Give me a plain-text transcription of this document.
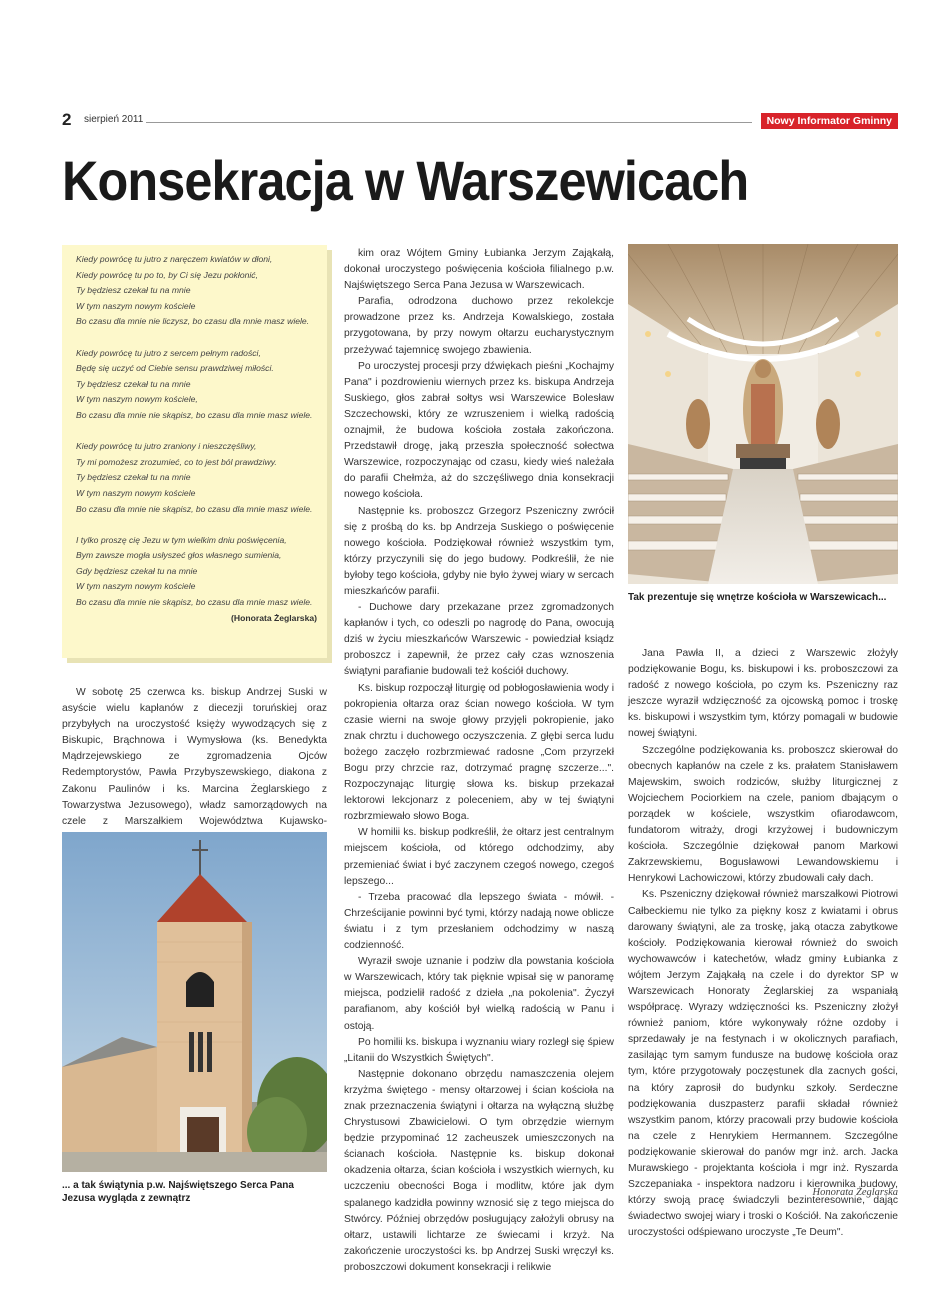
2 sierpień 2011	Nowy Informator Gminny
Konsekracja w Warszewicach
Kiedy powrócę tu jutro z naręczem kwiatów w dłoni,
Kiedy powrócę tu po to, by Ci się Jezu pokłonić,
Ty będziesz czekał tu na mnie
W tym naszym nowym kościele
Bo czasu dla mnie nie liczysz, bo czasu dla mnie masz wiele.
Kiedy powrócę tu jutro z sercem pełnym radości,
Będę się uczyć od Ciebie sensu prawdziwej miłości.
Ty będziesz czekał tu na mnie
W tym naszym nowym kościele,
Bo czasu dla mnie nie skąpisz, bo czasu dla mnie masz wiele.
Kiedy powrócę tu jutro zraniony i nieszczęśliwy,
Ty mi pomożesz zrozumieć, co to jest ból prawdziwy.
Ty będziesz czekał tu na mnie
W tym naszym nowym kościele
Bo czasu dla mnie nie skąpisz, bo czasu dla mnie masz wiele.
I tylko proszę cię Jezu w tym wielkim dniu poświęcenia,
Bym zawsze mogła usłyszeć głos własnego sumienia,
Gdy będziesz czekał tu na mnie
W tym naszym nowym kościele
Bo czasu dla mnie nie skąpisz, bo czasu dla mnie masz wiele.
(Honorata Żeglarska)

W sobotę 25 czerwca ks. biskup Andrzej Suski w asyście wielu kapłanów z diecezji toruńskiej oraz przybyłych na uroczystość księży wywodzących się z Biskupic, Brąchnowa i Wymysłowa (ks. Benedykta Mądrzejewskiego ze zgromadzenia Ojców Redemptorystów, Pawła Przybyszewskiego, diakona z Zakonu Paulinów i ks. Marcina Żeglarskiego z Towarzystwa Jezusowego), władz samorządowych na czele z Marszałkiem Województwa Kujawsko-

kim oraz Wójtem Gminy Łubianka Jerzym Zająkałą, dokonał uroczystego poświęcenia kościoła filialnego p.w. Najświętszego Serca Pana Jezusa w Warszewicach.

Parafia, odrodzona duchowo przez rekolekcje prowadzone przez ks. Andrzeja Kowalskiego, została przygotowana, by przy nowym ołtarzu eucharystycznym przeżywać tajemnicę swojego zbawienia.

Po uroczystej procesji przy dźwiękach pieśni „Kochajmy Pana" i pozdrowieniu wiernych przez ks. biskupa Andrzeja Suskiego, głos zabrał sołtys wsi Warszewice Bolesław Szczechowski, który ze wzruszeniem i wielką radością oznajmił, że budowa kościoła została zakończona. Przedstawił drogę, jaką przeszła społeczność sołectwa Warszewice, rozpoczynając od czasu, kiedy wieś należała do parafii Chełmża, aż do szczęśliwego dnia konsekracji nowego kościoła.

Następnie ks. proboszcz Grzegorz Pszeniczny zwrócił się z prośbą do ks. bp Andrzeja Suskiego o poświęcenie nowego kościoła. Podziękował również wszystkim tym, którzy przyczynili się do jego budowy. Podkreślił, że nie byłoby tego kościoła, gdyby nie było żywej wiary w sercach mieszkańców parafii.

- Duchowe dary przekazane przez zgromadzonych kapłanów i tych, co odeszli po nagrodę do Pana, owocują dziś w życiu mieszkańców Warszewic - powiedział ksiądz proboszcz i zapewnił, że przez cały czas wznoszenia świątyni parafianie budowali też kościół duchowy.

Ks. biskup rozpoczął liturgię od pobłogosławienia wody i pokropienia ołtarza oraz ścian nowego kościoła. W tym czasie wierni na swoje głowy przyjęli pokropienie, jako znak chrztu i duchowego oczyszczenia. Z głębi serca ludu bożego zaczęło rozbrzmiewać radosne „Com przyrzekł Bogu przy chrzcie raz, dotrzymać pragnę szczerze...". Rozpoczynając liturgię słowa ks. biskup przekazał lektorowi lekcjonarz z poleceniem, aby w tej świątyni rozbrzmiewało słowo Boga.

W homilii ks. biskup podkreślił, że ołtarz jest centralnym miejscem kościoła, od którego odchodzimy, aby przemieniać świat i być zaczynem czegoś nowego, czegoś lepszego...

- Trzeba pracować dla lepszego świata - mówił. - Chrześcijanie powinni być tymi, którzy nadają nowe oblicze światu i z tym przesłaniem odchodzimy w naszą codzienność.

Wyraził swoje uznanie i podziw dla powstania kościoła w Warszewicach, który tak pięknie wpisał się w panoramę miejsca, podzielił radość z dzieła „na pokolenia". Życzył parafianom, aby kościół był wielką radością w Panu i ostoją.

Po homilii ks. biskupa i wyznaniu wiary rozległ się śpiew „Litanii do Wszystkich Świętych".

Następnie dokonano obrzędu namaszczenia olejem krzyżma świętego - mensy ołtarzowej i ścian kościoła na znak przeznaczenia świątyni i ołtarza na wyłączną służbę Chrystusowi Zbawicielowi. O tym obrzędzie wiernym będzie przypominać 12 zacheuszek umieszczonych na ścianach kościoła. Następnie ks. biskup dokonał okadzenia ołtarza, ścian kościoła i wszystkich wiernych, ku uczczeniu obecności Boga i modlitw, które jak dym spalanego kadzidła powinny wznosić się z tego miejsca do Stwórcy. Później obrzędów posługujący założyli obrusy na ołtarz, ustawili lichtarze ze świecami i krzyż. Na zakończenie uroczystości ks. bp Andrzej Suski wręczył ks. proboszczowi dokument konsekracji i relikwie

Jana Pawła II, a dzieci z Warszewic złożyły podziękowanie Bogu, ks. biskupowi i ks. proboszczowi za radość z nowego kościoła, po czym ks. Pszeniczny raz jeszcze wyraził wdzięczność za ojcowską pomoc i troskę ks. biskupowi i wszystkim tym, którzy pomagali w budowie nowej świątyni.

Szczególne podziękowania ks. proboszcz skierował do obecnych kapłanów na czele z ks. prałatem Stanisławem Majewskim, swoich rodziców, służby liturgicznej z Wojciechem Pociorkiem na czele, paniom dbającym o porządek w kościele, wszystkim ofiarodawcom, fundatorom witraży, drogi krzyżowej i budowniczym kościoła. Szczególnie dziękował panom Markowi Zakrzewskiemu, Bogusławowi Lewandowskiemu i Henrykowi Lachowiczowi, którzy zbudowali cały dach.

Ks. Pszeniczny dziękował również marszałkowi Piotrowi Całbeckiemu nie tylko za piękny kosz z kwiatami i obrus darowany świątyni, ale za troskę, jaką otacza zabytkowe kościoły. Podziękowania kierował również do swoich wychowawców i katechetów, władz gminy Łubianka z wójtem Jerzym Zająkałą na czele i do dyrektor SP w Warszewicach Honoraty Żeglarskiej za wspaniałą współpracę. Wyrazy wdzięczności ks. Pszeniczny złożył również paniom, które wykonywały różne ozdoby i sprzedawały je na festynach i w okolicznych parafiach, zasilając tym samym fundusze na budowę kościoła oraz tym, które przygotowały poczęstunek dla zacnych gości, na który zaprosił do budynku szkoły. Serdeczne podziękowania duszpasterz parafii składał również wszystkim panom, którzy pracowali przy budowie kościoła na czele z Henrykiem Hermannem. Szczególne podziękowanie skierował do panów mgr inż. arch. Jacka Murawskiego - projektanta kościoła i mgr inż. Ryszarda Szczepaniaka - inspektora nadzoru i kierownika budowy, którzy swoją pracę świadczyli bezinteresownie, dając świadectwo swojej wiary i troski o Kościół. Na zakończenie uroczystości odśpiewano uroczyste „Te Deum".

Tak prezentuje się wnętrze kościoła w Warszewicach...
... a tak świątynia p.w. Najświętszego Serca Pana Jezusa wygląda z zewnątrz
Honorata Żeglarska
